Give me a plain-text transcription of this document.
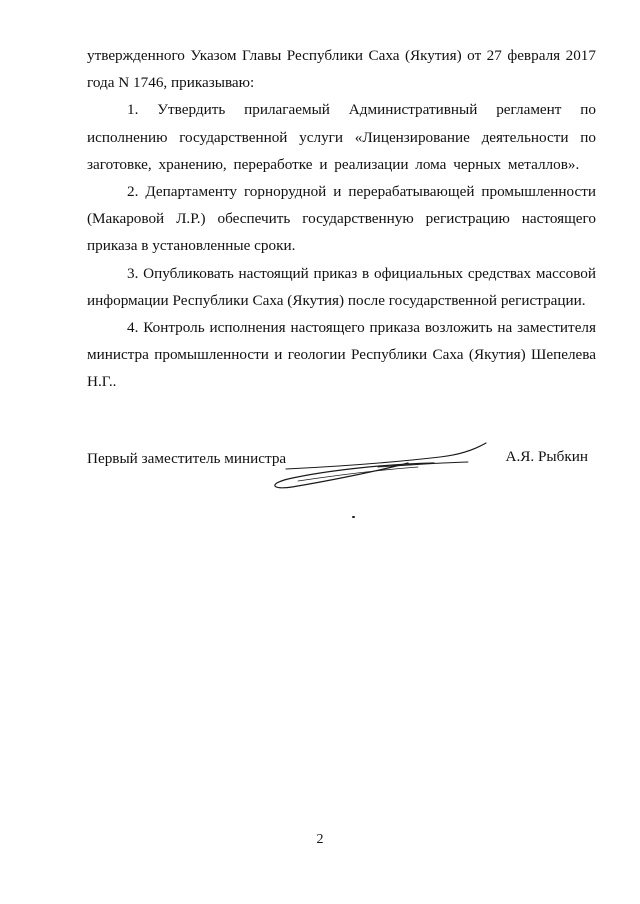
утвержденного Указом Главы Республики Саха (Якутия) от 27 февраля 2017 года N 1746, приказываю:

1. Утвердить прилагаемый Административный регламент по исполнению государственной услуги «Лицензирование деятельности по заготовке, хранению, переработке и реализации лома черных металлов».

2. Департаменту горнорудной и перерабатывающей промышленности (Макаровой Л.Р.) обеспечить государственную регистрацию настоящего приказа в установленные сроки.

3. Опубликовать настоящий приказ в официальных средствах массовой информации Республики Саха (Якутия) после государственной регистрации.

4. Контроль исполнения настоящего приказа возложить на заместителя министра промышленности и геологии Республики Саха (Якутия) Шепелева Н.Г..

Первый заместитель министра	А.Я. Рыбкин
2
